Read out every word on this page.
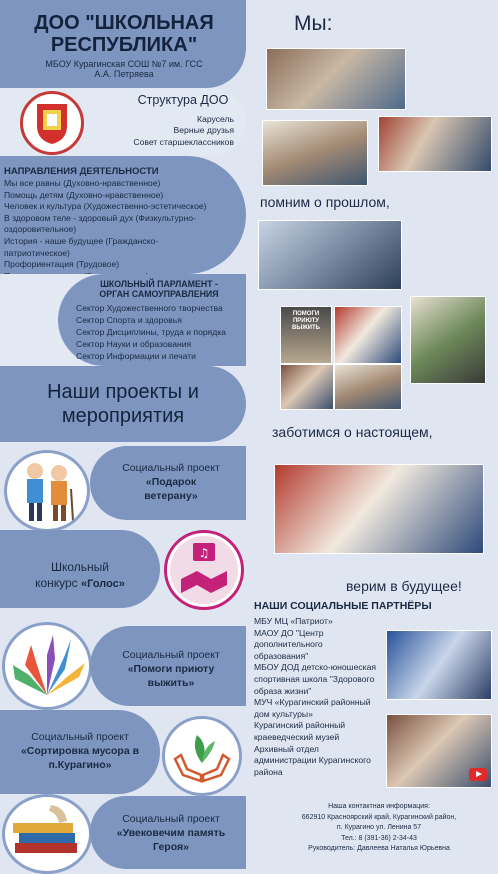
ДОО "ШКОЛЬНАЯ
РЕСПУБЛИКА"
МБОУ Курагинская СОШ №7 им. ГСС
А.А. Петряева
Структура ДОО
Карусель
Верные друзья
Совет старшеклассников
НАПРАВЛЕНИЯ ДЕЯТЕЛЬНОСТИ
Мы все равны (Духовно-нравственное)
Помощь детям (Духовно-нравственное)
Человек и культура (Художественно-эстетическое)
В здоровом теле - здоровый дух (Физкультурно-
оздоровительное)
История - наше будущее (Гражданско-
патриотическое)
Профориентация (Трудовое)
ШКОЛЬНЫЙ ПАРЛАМЕНТ -
ОРГАН САМОУПРАВЛЕНИЯ
Сектор Художественного творчества
Сектор Спорта и здоровья
Сектор Дисциплины, труда и порядка
Сектор Науки и образования
Сектор Информации и печати
Наши проекты и
мероприятия
Социальный проект
«Подарок
ветерану»
Школьный
конкурс «Голос»
♫
Социальный проект
«Помоги приюту
выжить»
Социальный проект
«Сортировка мусора в
п.Курагино»
Социальный проект
«Увековечим память
Героя»
Мы:
помним о прошлом,
ПОМОГИ ПРИЮТУ ВЫЖИТЬ
заботимся о настоящем,
верим в будущее!
НАШИ СОЦИАЛЬНЫЕ ПАРТНЁРЫ
МБУ МЦ «Патриот»
МАОУ ДО "Центр
дополнительного
образования"
МБОУ ДОД детско-юношеская
спортивная школа "Здорового
образа жизни"
МУЧ «Курагинский районный
дом культуры»
Курагинский районный
краеведческий музей
Архивный отдел
администрации Курагинского
района
Наша контактная информация:
662910 Красноярский край, Курагинский район,
п. Курагино ул. Ленина 57
Тел.: 8 (391-36) 2-34-43
Руководитель: Давлеева Наталья Юрьевна
